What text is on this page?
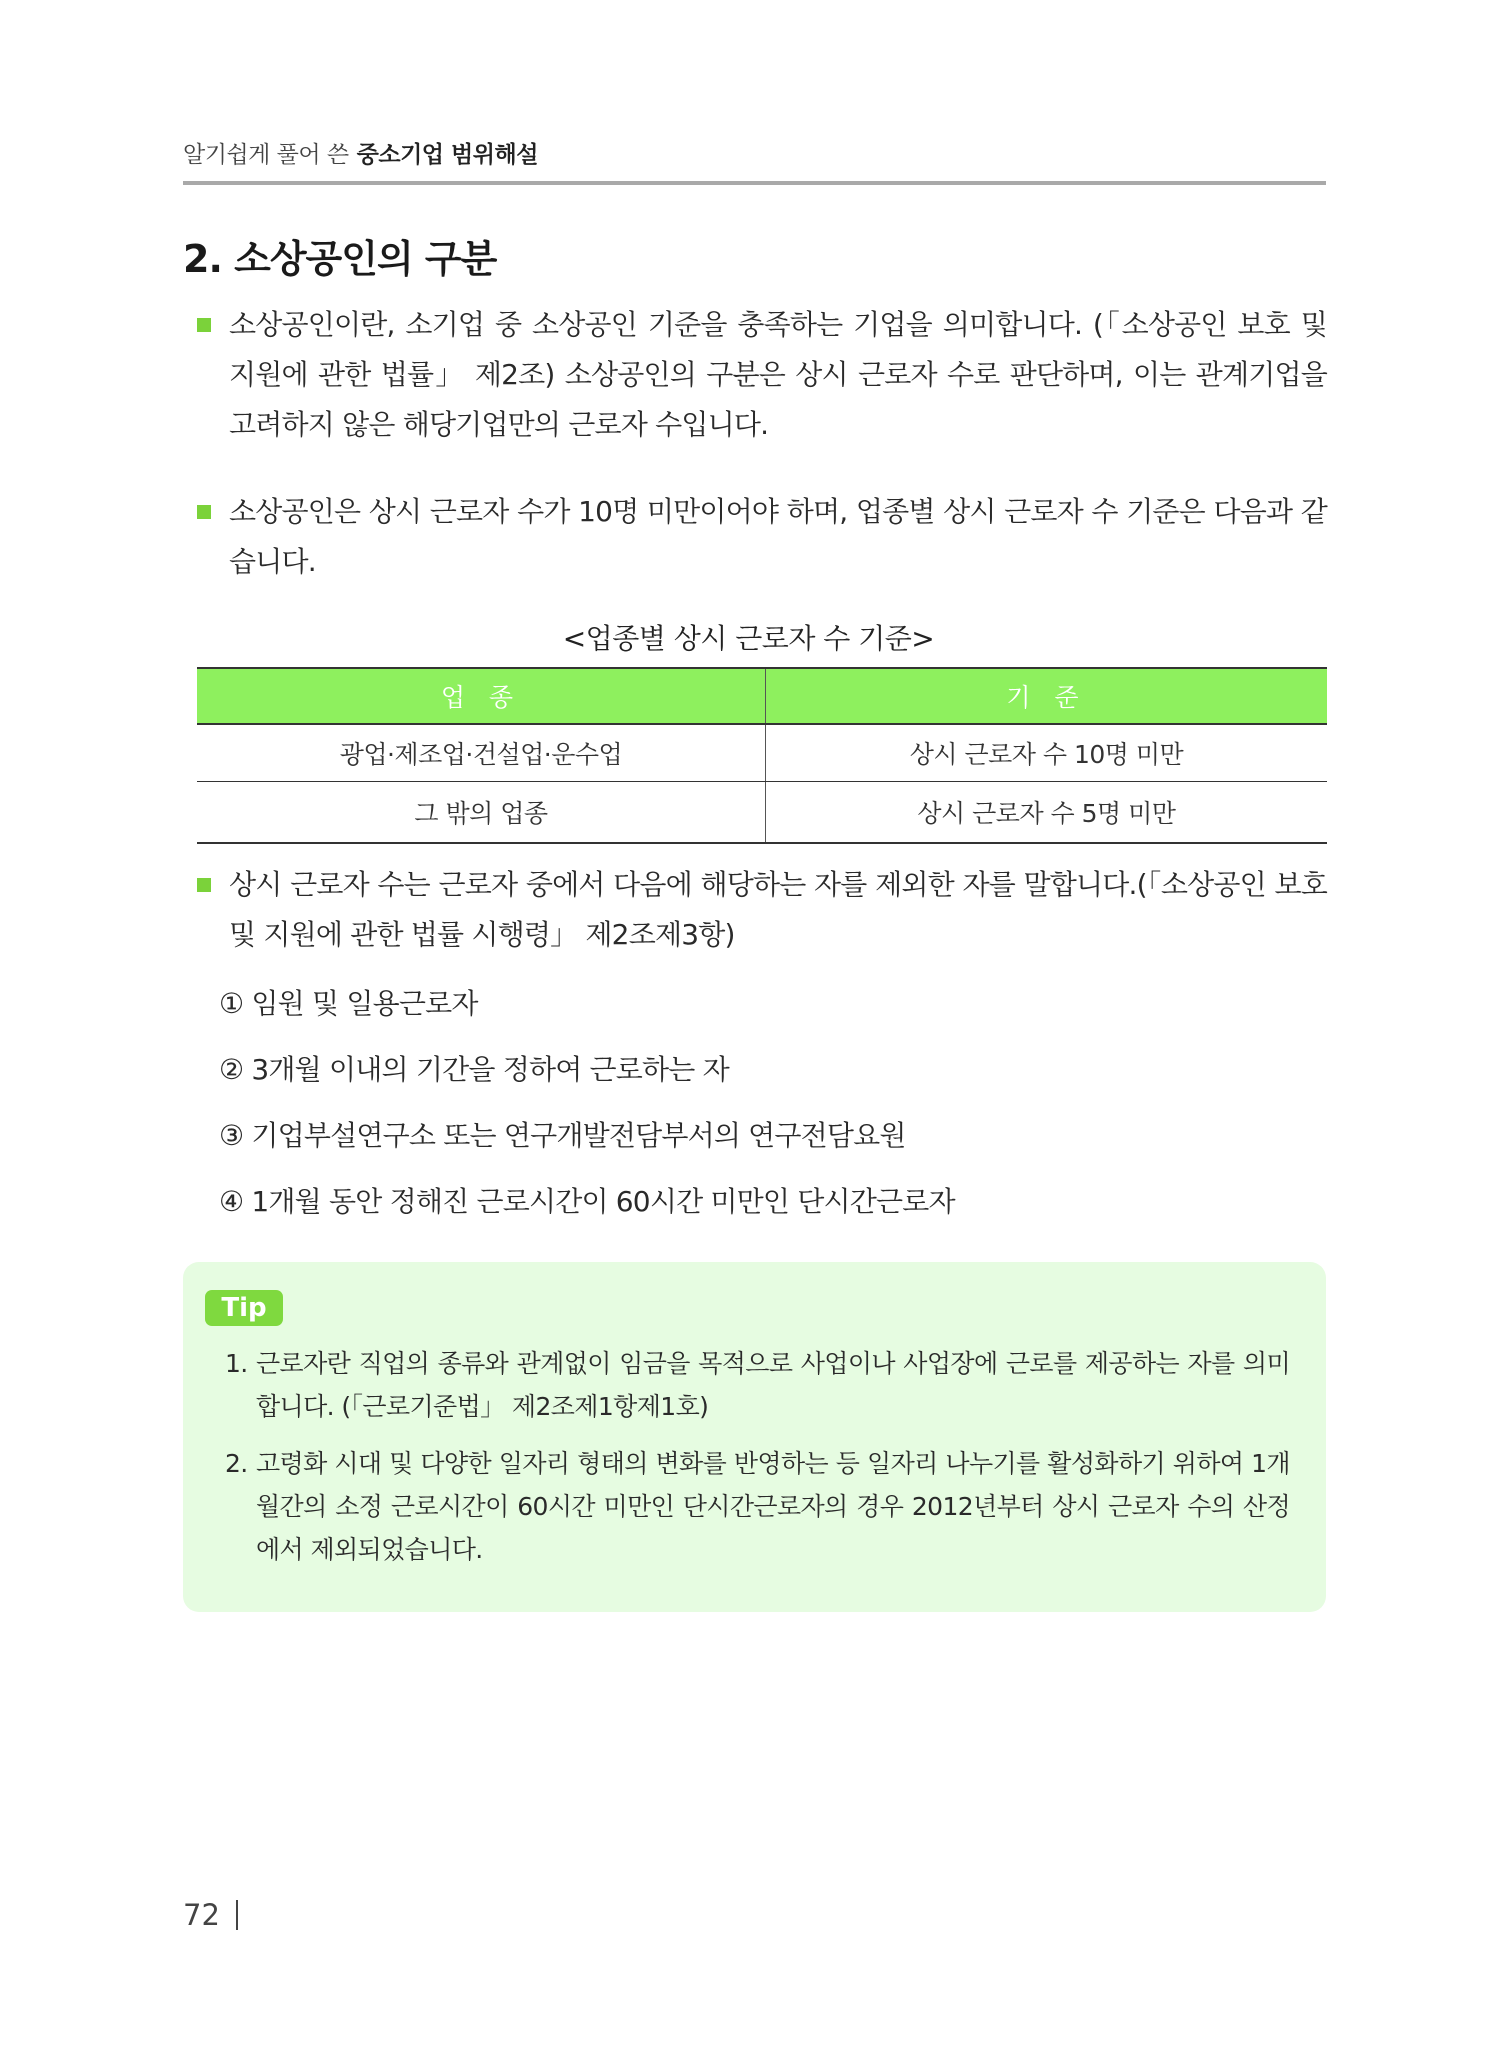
알기쉽게 풀어 쓴 중소기업 범위해설
2. 소상공인의 구분
소상공인이란, 소기업 중 소상공인 기준을 충족하는 기업을 의미합니다. (「소상공인 보호 및 지원에 관한 법률」 제2조) 소상공인의 구분은 상시 근로자 수로 판단하며, 이는 관계기업을 고려하지 않은 해당기업만의 근로자 수입니다.
소상공인은 상시 근로자 수가 10명 미만이어야 하며, 업종별 상시 근로자 수 기준은 다음과 같습니다.
<업종별 상시 근로자 수 기준>
업 종	기 준
광업·제조업·건설업·운수업	상시 근로자 수 10명 미만
그 밖의 업종	상시 근로자 수 5명 미만
상시 근로자 수는 근로자 중에서 다음에 해당하는 자를 제외한 자를 말합니다.(「소상공인 보호 및 지원에 관한 법률 시행령」 제2조제3항)
① 임원 및 일용근로자
② 3개월 이내의 기간을 정하여 근로하는 자
③ 기업부설연구소 또는 연구개발전담부서의 연구전담요원
④ 1개월 동안 정해진 근로시간이 60시간 미만인 단시간근로자
Tip
1. 근로자란 직업의 종류와 관계없이 임금을 목적으로 사업이나 사업장에 근로를 제공하는 자를 의미합니다. (「근로기준법」 제2조제1항제1호)
2. 고령화 시대 및 다양한 일자리 형태의 변화를 반영하는 등 일자리 나누기를 활성화하기 위하여 1개월간의 소정 근로시간이 60시간 미만인 단시간근로자의 경우 2012년부터 상시 근로자 수의 산정에서 제외되었습니다.
72
